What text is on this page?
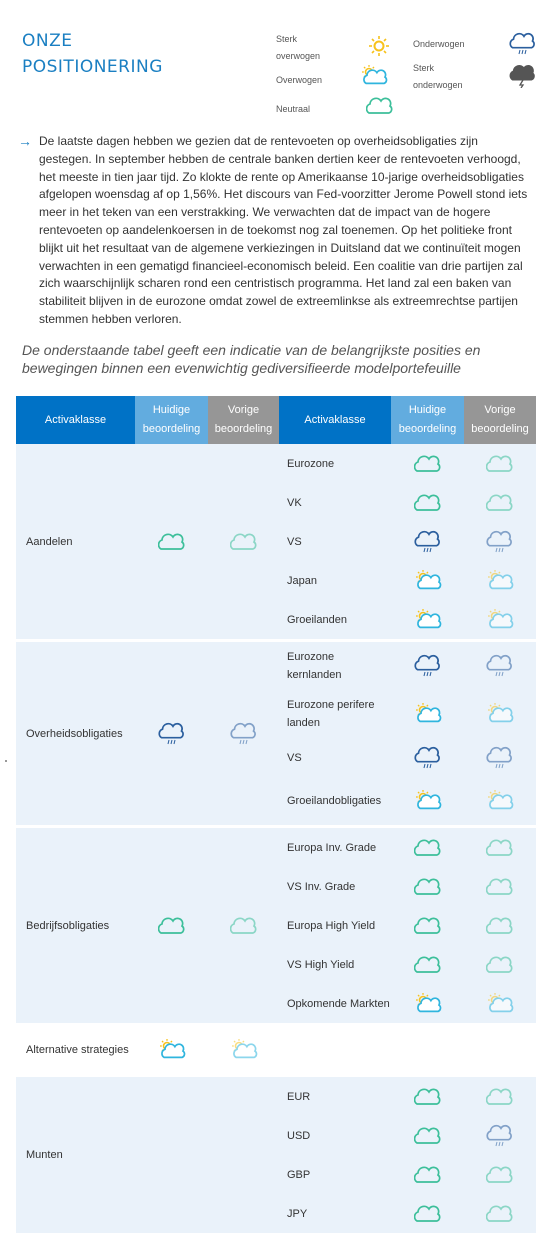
ONZE
POSITIONERING
Sterk
overwogen
Overwogen
Neutraal
Onderwogen
Sterk
onderwogen
→ De laatste dagen hebben we gezien dat de rentevoeten op overheidsobligaties zijn gestegen. In september hebben de centrale banken dertien keer de rentevoeten verhoogd, het meeste in tien jaar tijd. Zo klokte de rente op Amerikaanse 10-jarige overheidsobligaties afgelopen woensdag af op 1,56%. Het discours van Fed-voorzitter Jerome Powell stond iets meer in het teken van een verstrakking. We verwachten dat de impact van de hogere rentevoeten op aandelenkoersen in de toekomst nog zal toenemen. Op het politieke front blijkt uit het resultaat van de algemene verkiezingen in Duitsland dat we continuïteit mogen verwachten in een gematigd financieel-economisch beleid. Een coalitie van drie partijen zal zich waarschijnlijk scharen rond een centristisch programma. Het land zal een baken van stabiliteit blijven in de eurozone omdat zowel de extreemlinkse als extreemrechtse partijen stemmen hebben verloren.

De onderstaande tabel geeft een indicatie van de belangrijkste posities en bewegingen binnen een evenwichtig gediversifieerde modelportefeuille
Activaklasse	Huidige beoordeling	Vorige beoordeling	Activaklasse	Huidige beoordeling	Vorige beoordeling
Aandelen			Eurozone		
			VK		
			VS		
			Japan		
			Groeilanden		

Overheidsobligaties			Eurozone kernlanden		
			Eurozone perifere landen		
			VS		
			Groeilandobligaties		

Bedrijfsobligaties			Europa Inv. Grade		
			VS Inv. Grade		
			Europa High Yield		
			VS High Yield		
			Opkomende Markten		

Alternative strategies					

Munten			EUR		
			USD		
			GBP		
			JPY		
